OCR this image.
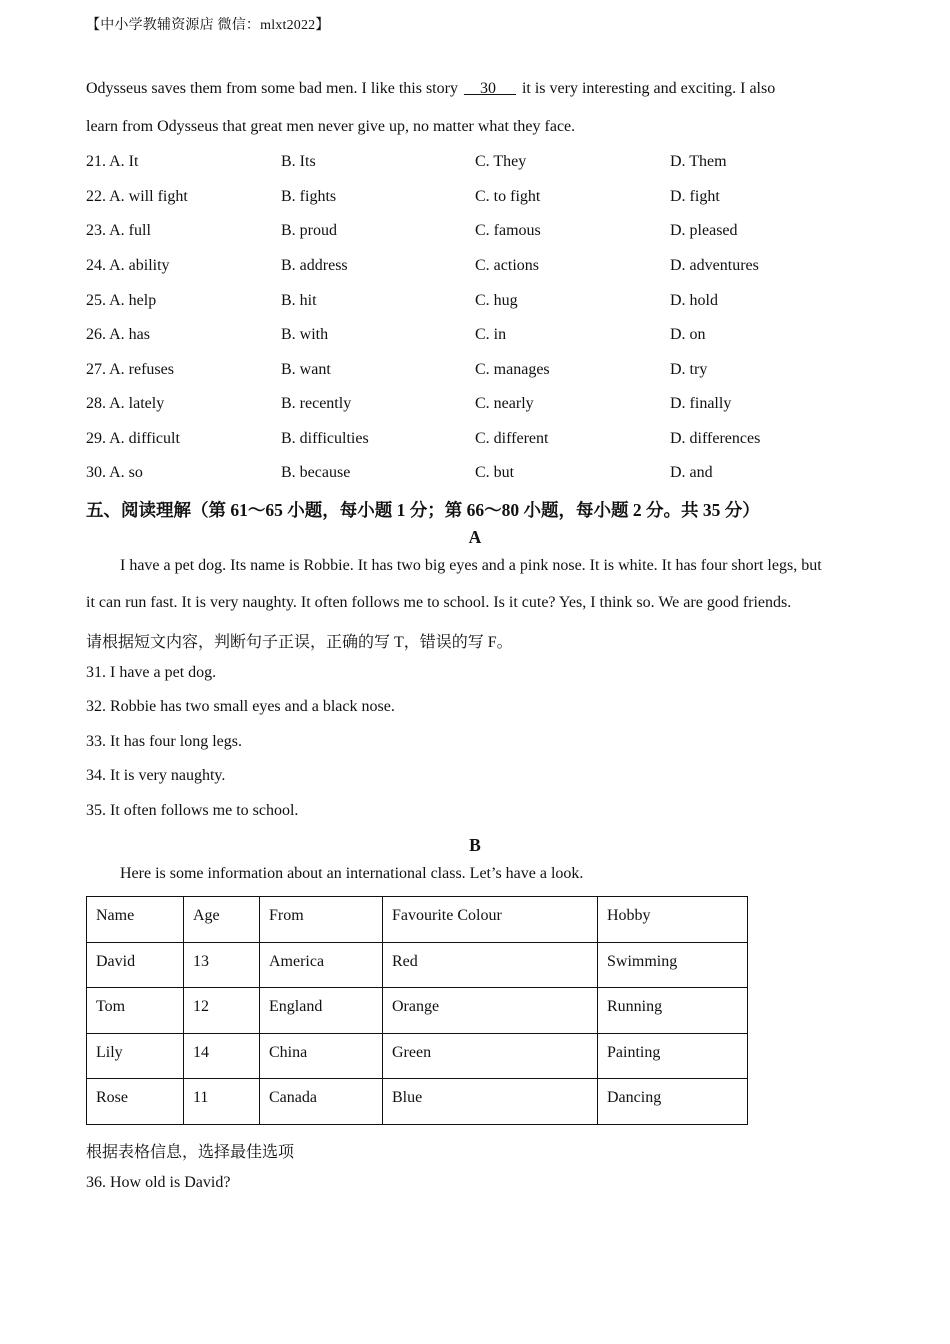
【中小学教辅资源店 微信：mlxt2022】
Odysseus saves them from some bad men. I like this story     30      it is very interesting and exciting. I also
learn from Odysseus that great men never give up, no matter what they face.
21. A. It	B. Its	C. They	D. Them
22. A. will fight	B. fights	C. to fight	D. fight
23. A. full	B. proud	C. famous	D. pleased
24. A. ability	B. address	C. actions	D. adventures
25. A. help	B. hit	C. hug	D. hold
26. A. has	B. with	C. in	D. on
27. A. refuses	B. want	C. manages	D. try
28. A. lately	B. recently	C. nearly	D. finally
29. A. difficult	B. difficulties	C. different	D. differences
30. A. so	B. because	C. but	D. and
五、阅读理解（第 61～65 小题，每小题 1 分；第 66～80 小题，每小题 2 分。共 35 分）
A
I have a pet dog. Its name is Robbie. It has two big eyes and a pink nose. It is white. It has four short legs, but
it can run fast. It is very naughty. It often follows me to school. Is it cute? Yes, I think so. We are good friends.
请根据短文内容，判断句子正误，正确的写 T，错误的写 F。
31. I have a pet dog.
32. Robbie has two small eyes and a black nose.
33. It has four long legs.
34. It is very naughty.
35. It often follows me to school.
B
Here is some information about an international class. Let’s have a look.
根据表格信息，选择最佳选项
36. How old is David?
Name	Age	From	Favourite Colour	Hobby
David	13	America	Red	Swimming
Tom	12	England	Orange	Running
Lily	14	China	Green	Painting
Rose	11	Canada	Blue	Dancing
